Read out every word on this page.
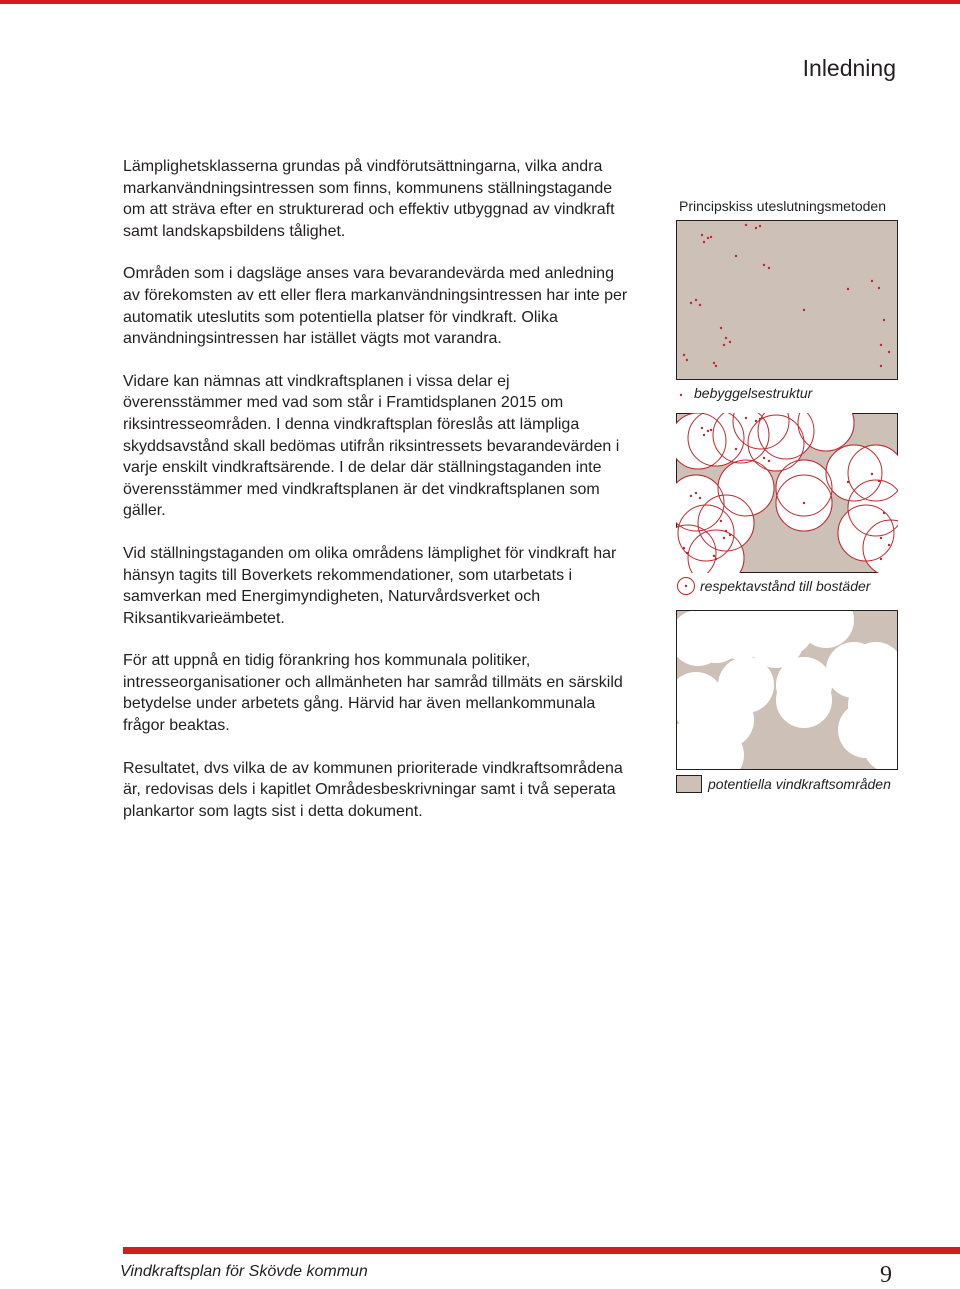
Inledning

Lämplighetsklasserna grundas på vindförutsättningarna, vilka andra markanvändningsintressen som finns, kommunens ställningstagande om att sträva efter en strukturerad och effektiv utbyggnad av vindkraft samt landskapsbildens tålighet.

Områden som i dagsläge anses vara bevarandevärda med anledning av förekomsten av ett eller flera markanvändningsintressen har inte per automatik uteslutits som potentiella platser för vindkraft. Olika användningsintressen har istället vägts mot varandra.

Vidare kan nämnas att vindkraftsplanen i vissa delar ej överensstämmer med vad som står i Framtidsplanen 2015 om riksintresseområden. I denna vindkraftsplan föreslås att lämpliga skyddsavstånd skall bedömas utifrån riksintressets bevarandevärden i varje enskilt vindkraftsärende. I de delar där ställningstaganden inte överensstämmer med vindkraftsplanen är det vindkraftsplanen som gäller.

Vid ställningstaganden om olika områdens lämplighet för vindkraft har hänsyn tagits till Boverkets rekommendationer, som utarbetats i samverkan med Energimyndigheten, Naturvårdsverket och Riksantikvarieämbetet.

För att uppnå en tidig förankring hos kommunala politiker, intresseorganisationer och allmänheten har samråd tillmäts en särskild betydelse under arbetets gång. Härvid har även mellankommunala frågor beaktas.

Resultatet, dvs vilka de av kommunen prioriterade vindkraftsområdena är, redovisas dels i kapitlet Områdesbeskrivningar samt i två seperata plankartor som lagts sist i detta dokument.

Principskiss uteslutningsmetoden
bebyggelsestruktur
respektavstånd till bostäder
potentiella vindkraftsområden
Vindkraftsplan för Skövde kommun	9
